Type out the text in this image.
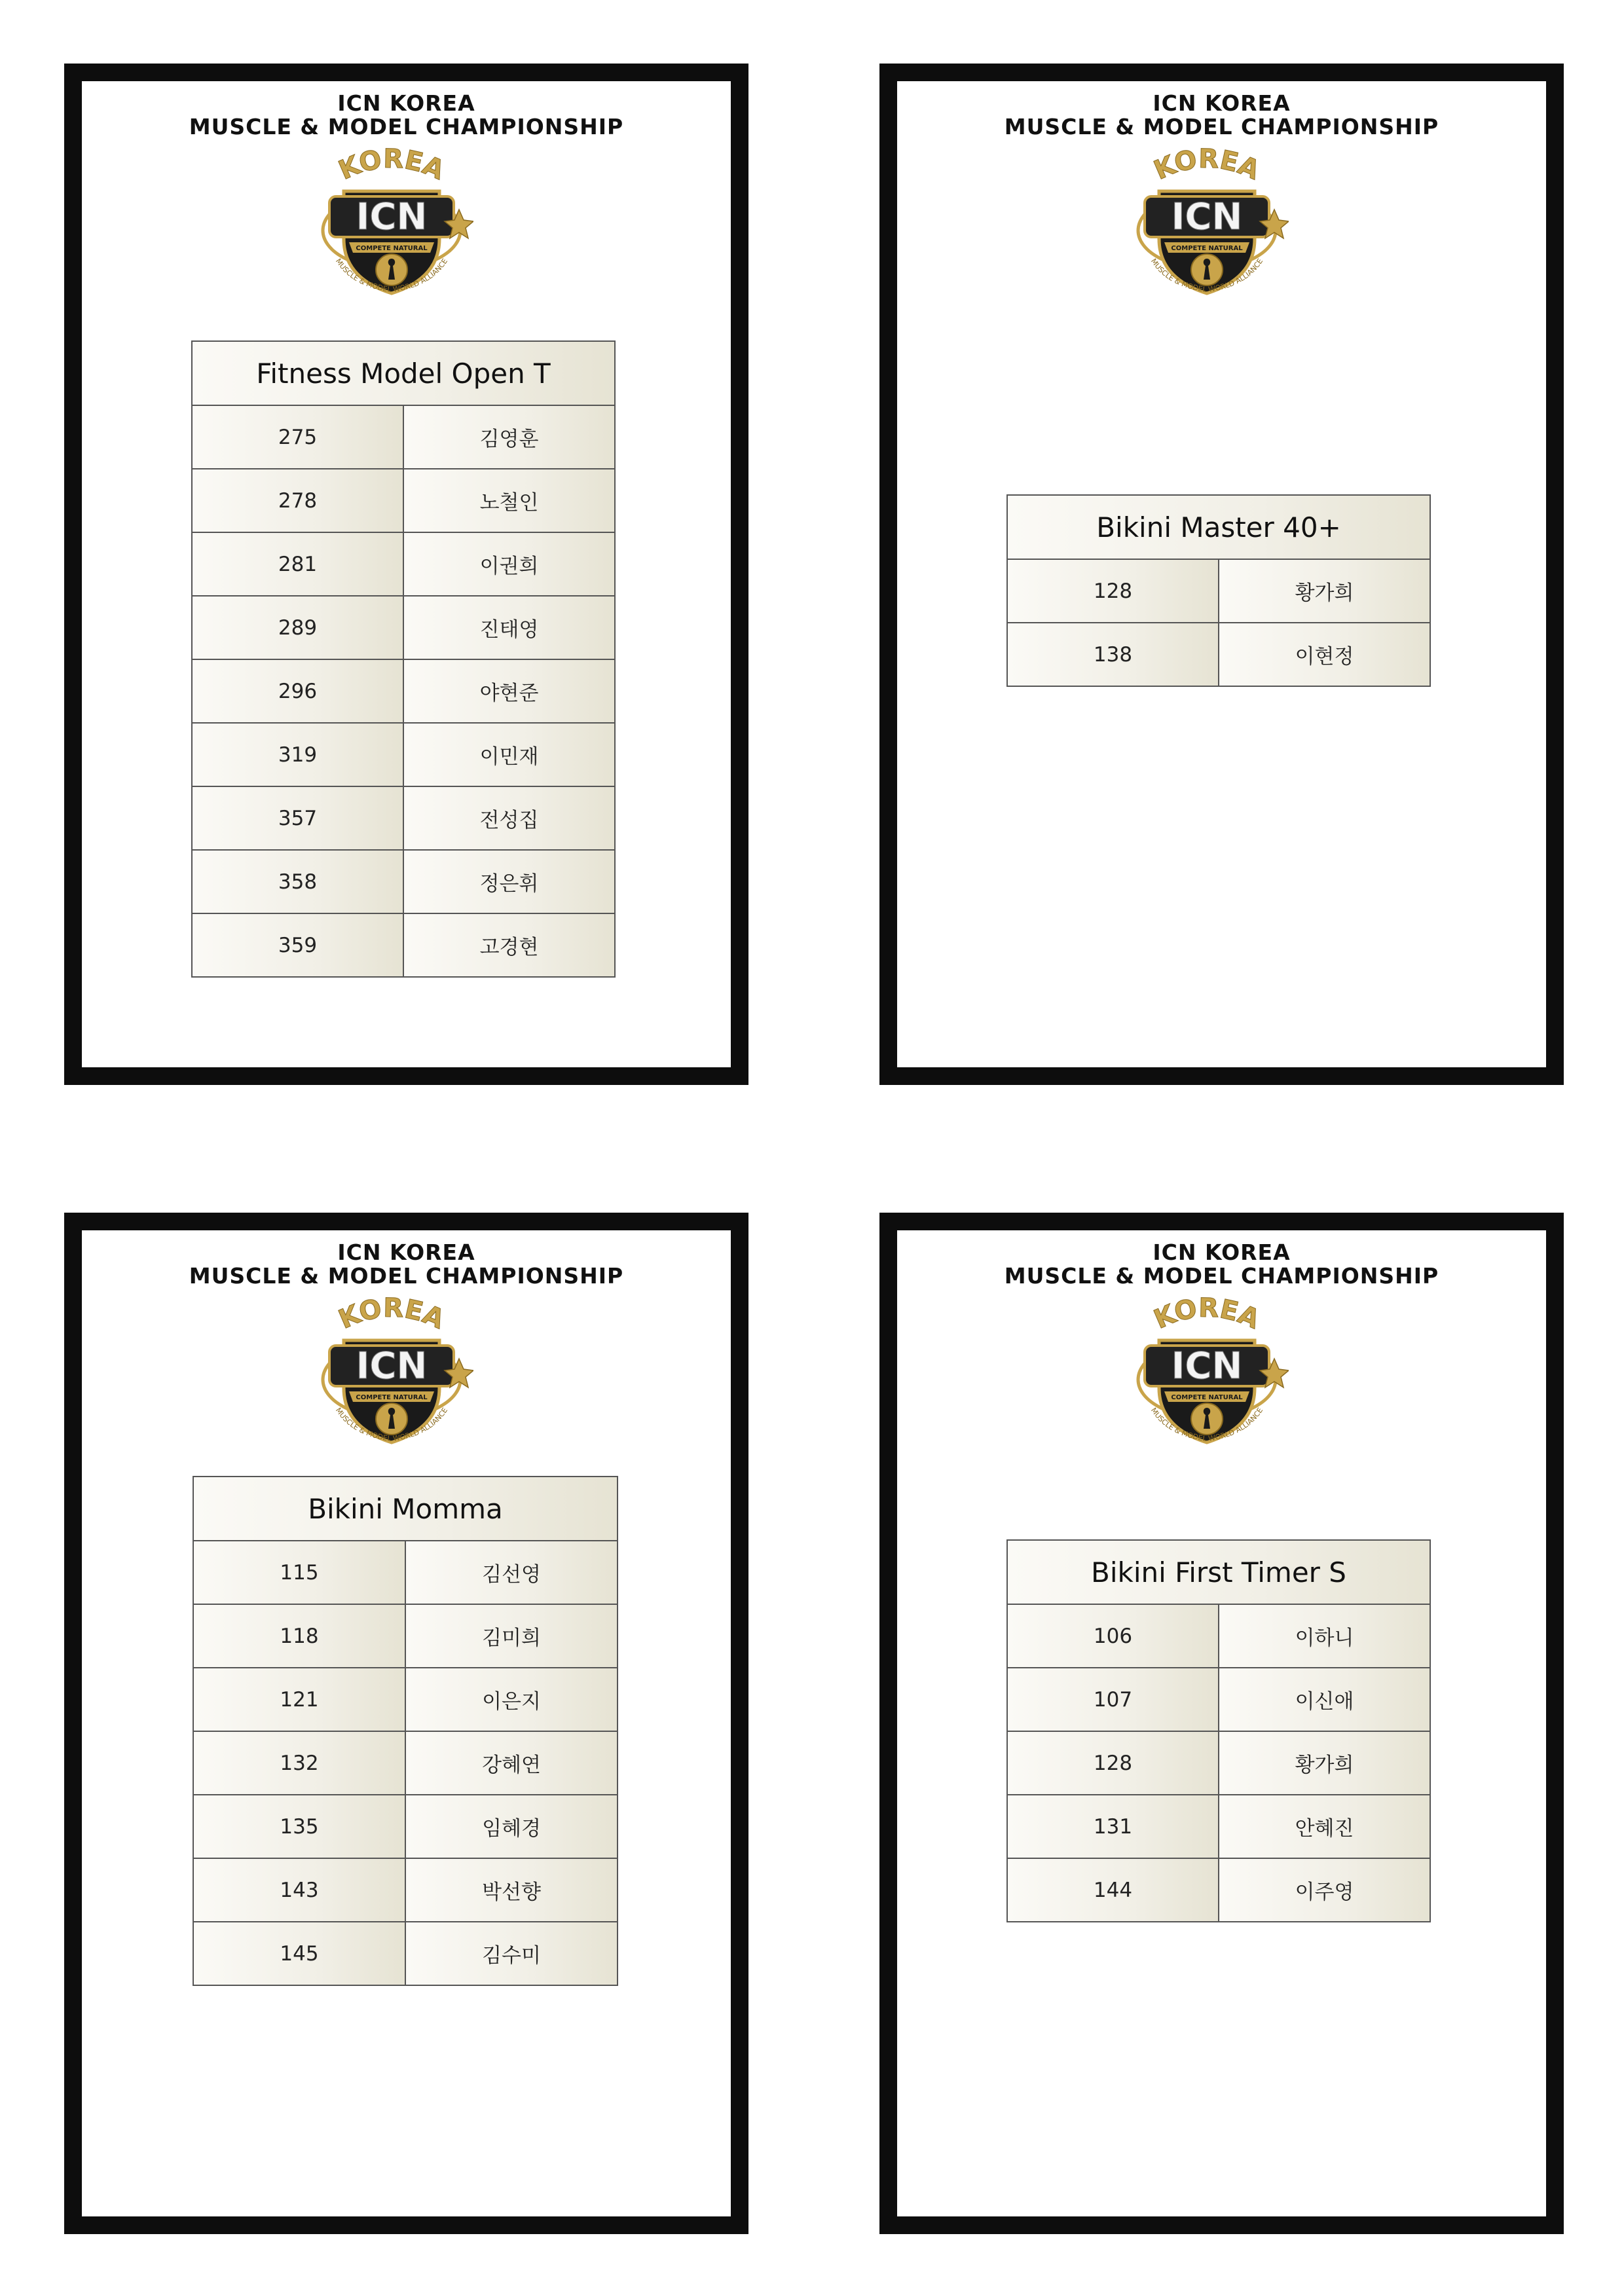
ICN KOREA
MUSCLE & MODEL CHAMPIONSHIP
KOREA
ICN
COMPETE NATURAL
MUSCLE & MODEL WORLD ALLIANCE
Fitness Model Open T	
275	김영훈
278	노철인
281	이권희
289	진태영
296	야현준
319	이민재
357	전성집
358	정은휘
359	고경현
ICN KOREA
MUSCLE & MODEL CHAMPIONSHIP
KOREA
ICN
COMPETE NATURAL
MUSCLE & MODEL WORLD ALLIANCE
Bikini Master 40+	
128	황가희
138	이현정
ICN KOREA
MUSCLE & MODEL CHAMPIONSHIP
KOREA
ICN
COMPETE NATURAL
MUSCLE & MODEL WORLD ALLIANCE
Bikini Momma	
115	김선영
118	김미희
121	이은지
132	강혜연
135	임혜경
143	박선향
145	김수미
ICN KOREA
MUSCLE & MODEL CHAMPIONSHIP
KOREA
ICN
COMPETE NATURAL
MUSCLE & MODEL WORLD ALLIANCE
Bikini First Timer S	
106	이하니
107	이신애
128	황가희
131	안혜진
144	이주영
